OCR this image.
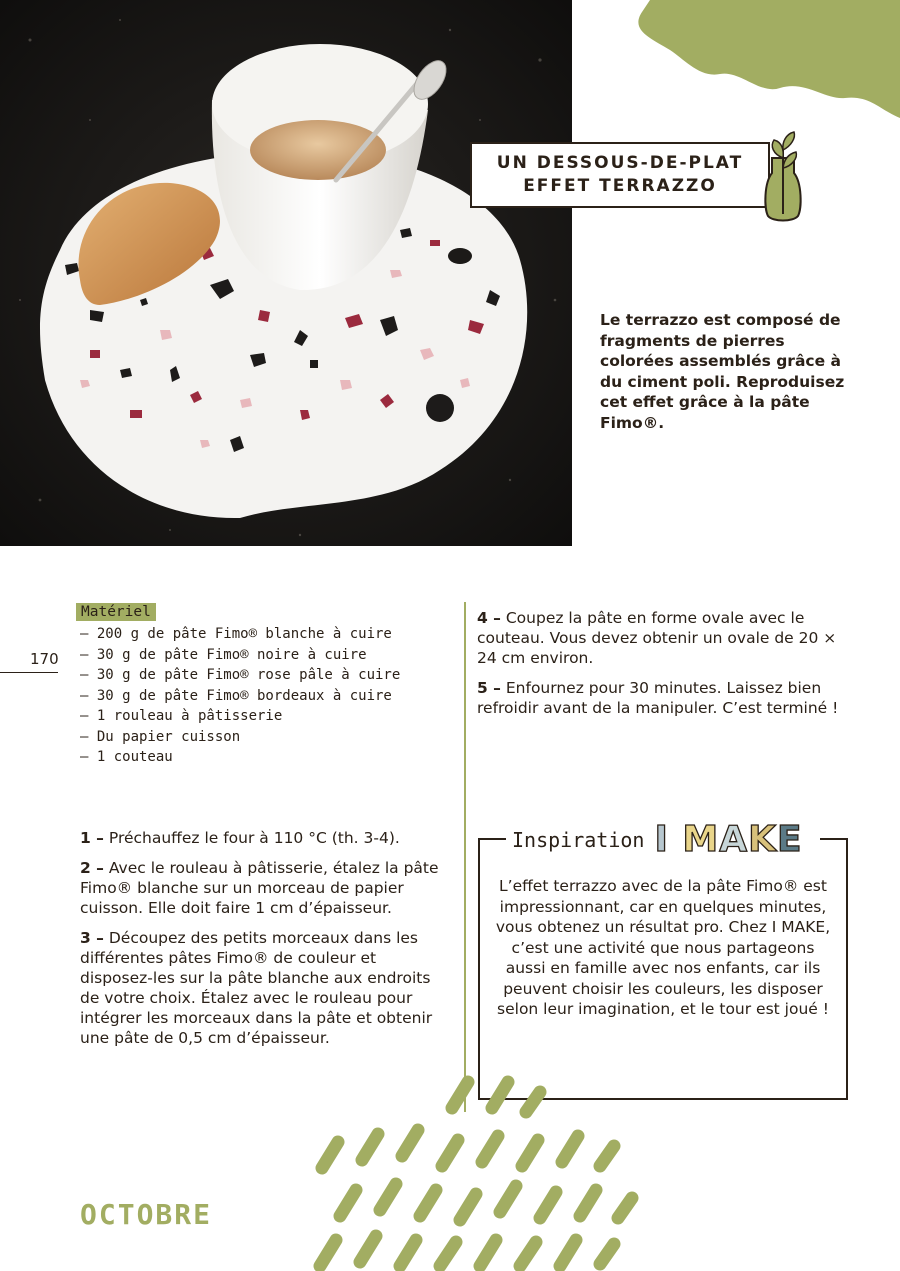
UN DESSOUS-DE-PLAT
EFFET TERRAZZO

Le terrazzo est composé de fragments de pierres colorées assemblés grâce à du ciment poli. Reproduisez cet effet grâce à la pâte Fimo®.

170
Matériel
– 200 g de pâte Fimo® blanche à cuire
– 30 g de pâte Fimo® noire à cuire
– 30 g de pâte Fimo® rose pâle à cuire
– 30 g de pâte Fimo® bordeaux à cuire
– 1 rouleau à pâtisserie
– Du papier cuisson
– 1 couteau

1 – Préchauffez le four à 110 °C (th. 3-4).

2 – Avec le rouleau à pâtisserie, étalez la pâte Fimo® blanche sur un morceau de papier cuisson. Elle doit faire 1 cm d’épaisseur.

3 – Découpez des petits morceaux dans les différentes pâtes Fimo® de couleur et disposez-les sur la pâte blanche aux endroits de votre choix. Étalez avec le rouleau pour intégrer les morceaux dans la pâte et obtenir une pâte de 0,5 cm d’épaisseur.

4 – Coupez la pâte en forme ovale avec le couteau. Vous devez obtenir un ovale de 20 × 24 cm environ.

5 – Enfournez pour 30 minutes. Laissez bien refroidir avant de la manipuler. C’est terminé !

Inspiration I MAKE

L’effet terrazzo avec de la pâte Fimo® est impressionnant, car en quelques minutes, vous obtenez un résultat pro. Chez I MAKE, c’est une activité que nous partageons aussi en famille avec nos enfants, car ils peuvent choisir les couleurs, les disposer selon leur imagination, et le tour est joué !

OCTOBRE
